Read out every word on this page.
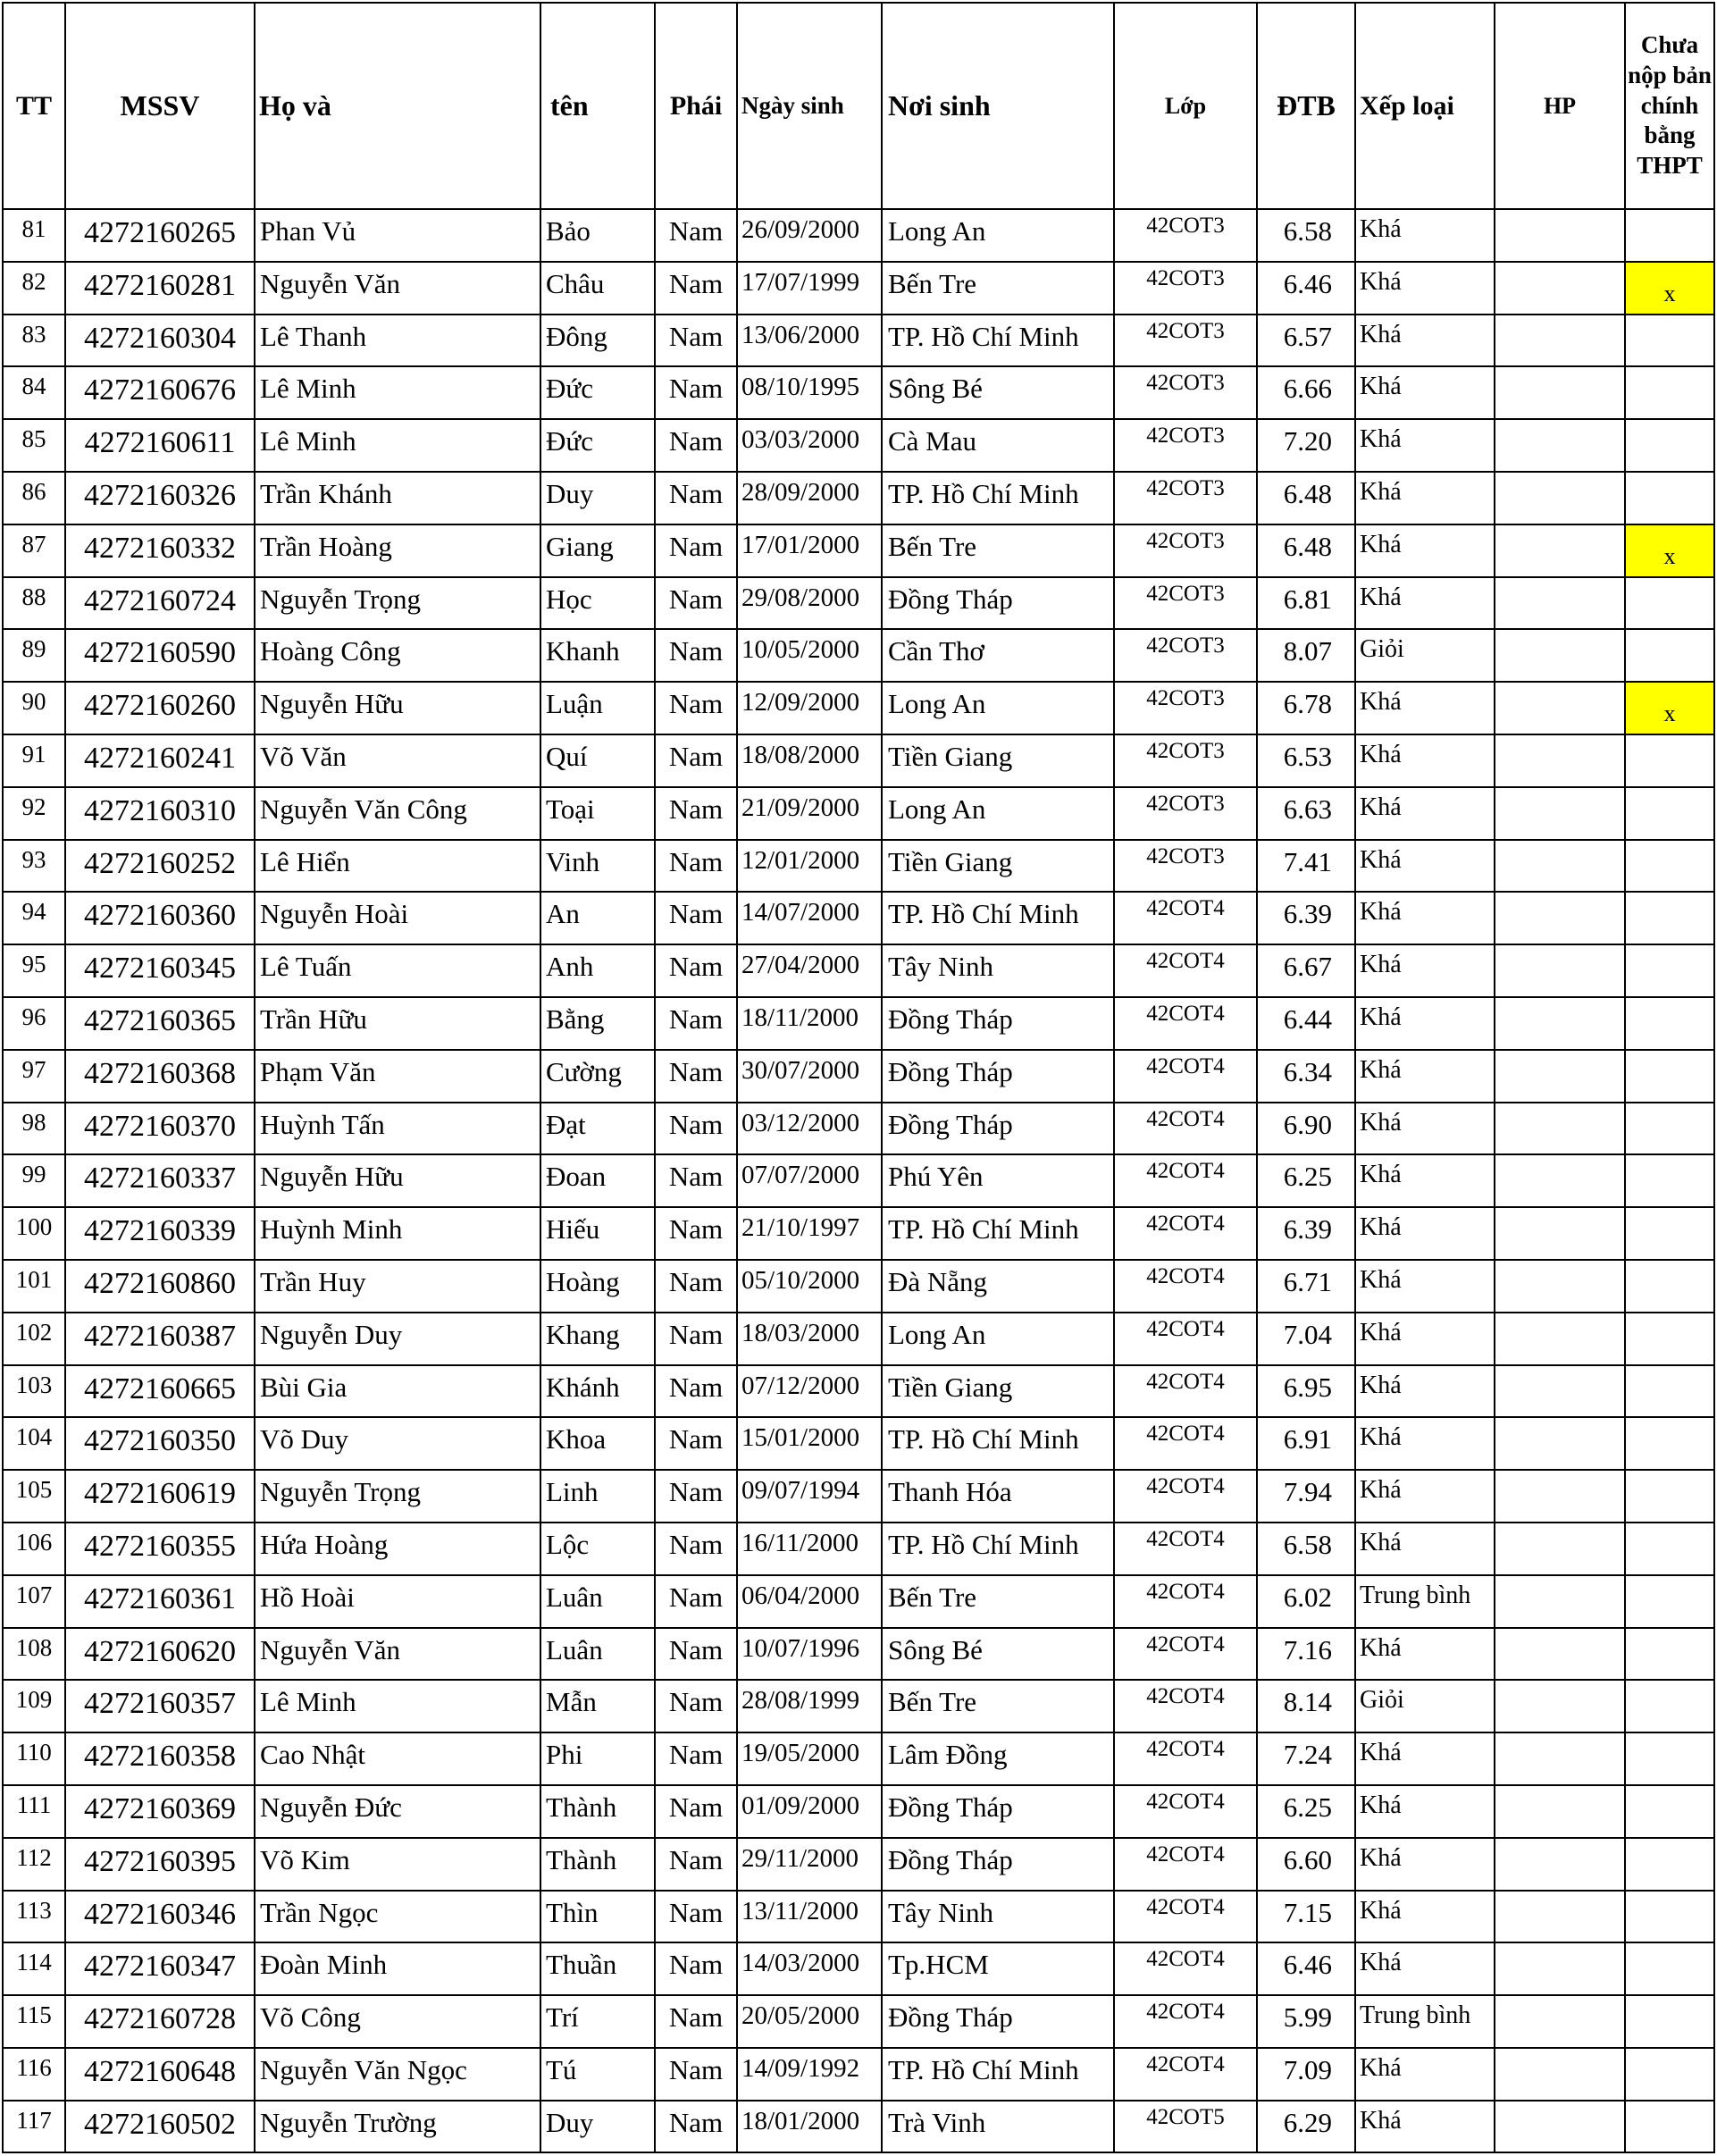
TT	MSSV	Họ và	tên	Phái	Ngày sinh	Nơi sinh	Lớp	ĐTB	Xếp loại	HP	Chưa nộp bản chính bằng THPT
81	4272160265	Phan Vủ	Bảo	Nam	26/09/2000	Long An	42COT3	6.58	Khá		
82	4272160281	Nguyễn Văn	Châu	Nam	17/07/1999	Bến Tre	42COT3	6.46	Khá		x
83	4272160304	Lê Thanh	Đông	Nam	13/06/2000	TP. Hồ Chí Minh	42COT3	6.57	Khá		
84	4272160676	Lê Minh	Đức	Nam	08/10/1995	Sông Bé	42COT3	6.66	Khá		
85	4272160611	Lê Minh	Đức	Nam	03/03/2000	Cà Mau	42COT3	7.20	Khá		
86	4272160326	Trần Khánh	Duy	Nam	28/09/2000	TP. Hồ Chí Minh	42COT3	6.48	Khá		
87	4272160332	Trần Hoàng	Giang	Nam	17/01/2000	Bến Tre	42COT3	6.48	Khá		x
88	4272160724	Nguyễn Trọng	Học	Nam	29/08/2000	Đồng Tháp	42COT3	6.81	Khá		
89	4272160590	Hoàng Công	Khanh	Nam	10/05/2000	Cần Thơ	42COT3	8.07	Giỏi		
90	4272160260	Nguyễn Hữu	Luận	Nam	12/09/2000	Long An	42COT3	6.78	Khá		x
91	4272160241	Võ Văn	Quí	Nam	18/08/2000	Tiền Giang	42COT3	6.53	Khá		
92	4272160310	Nguyễn Văn Công	Toại	Nam	21/09/2000	Long An	42COT3	6.63	Khá		
93	4272160252	Lê Hiển	Vinh	Nam	12/01/2000	Tiền Giang	42COT3	7.41	Khá		
94	4272160360	Nguyễn Hoài	An	Nam	14/07/2000	TP. Hồ Chí Minh	42COT4	6.39	Khá		
95	4272160345	Lê Tuấn	Anh	Nam	27/04/2000	Tây Ninh	42COT4	6.67	Khá		
96	4272160365	Trần Hữu	Bằng	Nam	18/11/2000	Đồng Tháp	42COT4	6.44	Khá		
97	4272160368	Phạm Văn	Cường	Nam	30/07/2000	Đồng Tháp	42COT4	6.34	Khá		
98	4272160370	Huỳnh Tấn	Đạt	Nam	03/12/2000	Đồng Tháp	42COT4	6.90	Khá		
99	4272160337	Nguyễn Hữu	Đoan	Nam	07/07/2000	Phú Yên	42COT4	6.25	Khá		
100	4272160339	Huỳnh Minh	Hiếu	Nam	21/10/1997	TP. Hồ Chí Minh	42COT4	6.39	Khá		
101	4272160860	Trần Huy	Hoàng	Nam	05/10/2000	Đà Nẵng	42COT4	6.71	Khá		
102	4272160387	Nguyễn Duy	Khang	Nam	18/03/2000	Long An	42COT4	7.04	Khá		
103	4272160665	Bùi Gia	Khánh	Nam	07/12/2000	Tiền Giang	42COT4	6.95	Khá		
104	4272160350	Võ Duy	Khoa	Nam	15/01/2000	TP. Hồ Chí Minh	42COT4	6.91	Khá		
105	4272160619	Nguyễn Trọng	Linh	Nam	09/07/1994	Thanh Hóa	42COT4	7.94	Khá		
106	4272160355	Hứa Hoàng	Lộc	Nam	16/11/2000	TP. Hồ Chí Minh	42COT4	6.58	Khá		
107	4272160361	Hồ Hoài	Luân	Nam	06/04/2000	Bến Tre	42COT4	6.02	Trung bình		
108	4272160620	Nguyễn Văn	Luân	Nam	10/07/1996	Sông Bé	42COT4	7.16	Khá		
109	4272160357	Lê Minh	Mẫn	Nam	28/08/1999	Bến Tre	42COT4	8.14	Giỏi		
110	4272160358	Cao Nhật	Phi	Nam	19/05/2000	Lâm Đồng	42COT4	7.24	Khá		
111	4272160369	Nguyễn Đức	Thành	Nam	01/09/2000	Đồng Tháp	42COT4	6.25	Khá		
112	4272160395	Võ Kim	Thành	Nam	29/11/2000	Đồng Tháp	42COT4	6.60	Khá		
113	4272160346	Trần Ngọc	Thìn	Nam	13/11/2000	Tây Ninh	42COT4	7.15	Khá		
114	4272160347	Đoàn Minh	Thuần	Nam	14/03/2000	Tp.HCM	42COT4	6.46	Khá		
115	4272160728	Võ Công	Trí	Nam	20/05/2000	Đồng Tháp	42COT4	5.99	Trung bình		
116	4272160648	Nguyễn Văn Ngọc	Tú	Nam	14/09/1992	TP. Hồ Chí Minh	42COT4	7.09	Khá		
117	4272160502	Nguyễn Trường	Duy	Nam	18/01/2000	Trà Vinh	42COT5	6.29	Khá		
